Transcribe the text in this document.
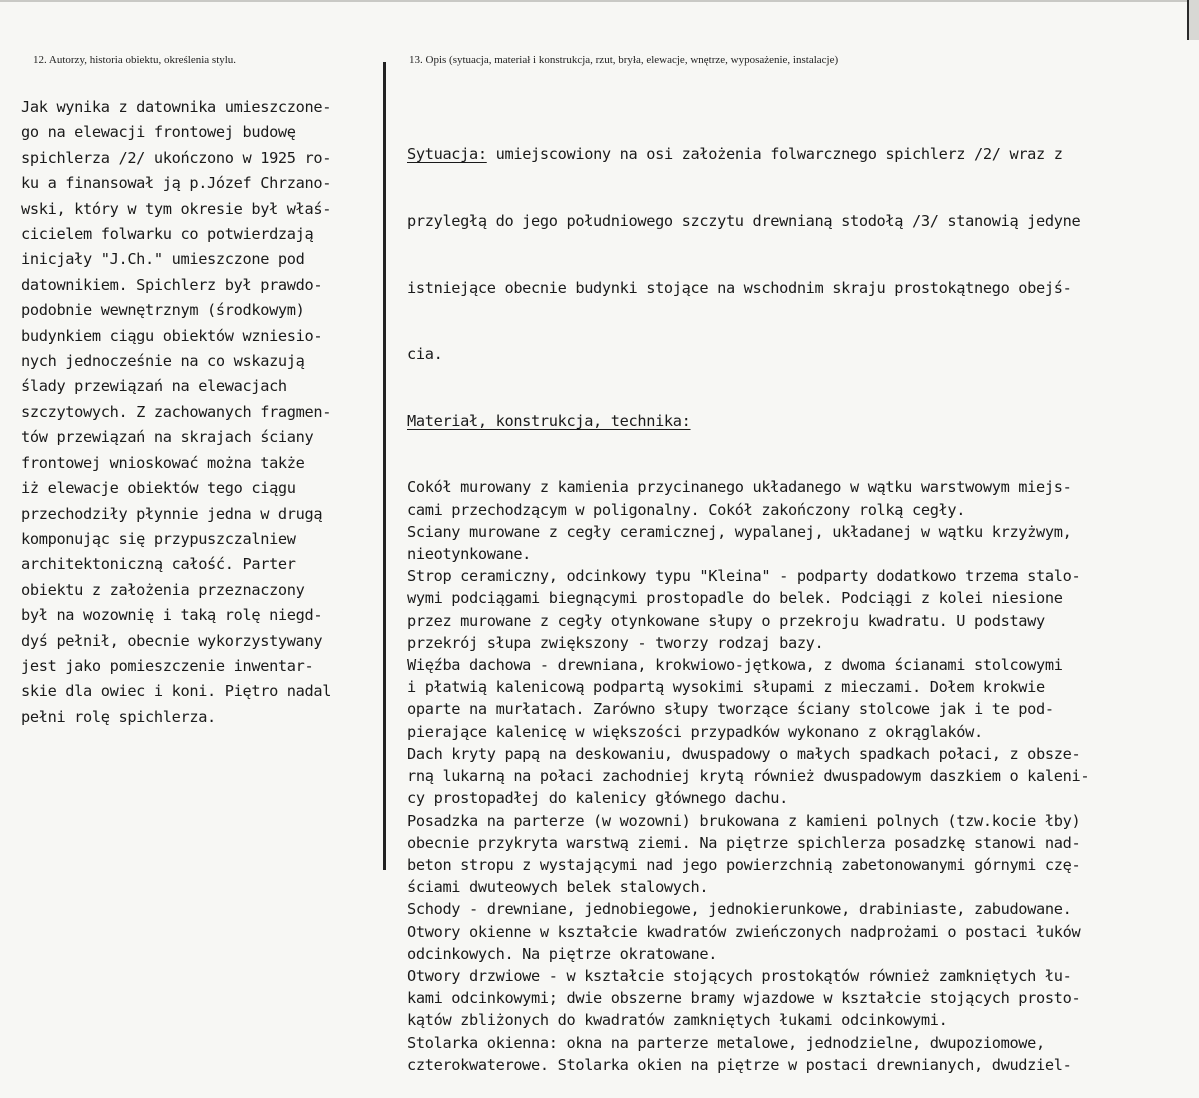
12. Autorzy, historia obiektu, określenia stylu.	13. Opis (sytuacja, materiał i konstrukcja, rzut, bryła, elewacje, wnętrze, wyposażenie, instalacje)
Jak wynika z datownika umieszczone-
go na elewacji frontowej budowę
spichlerza /2/ ukończono w 1925 ro-
ku a finansował ją p.Józef Chrzano-
wski, który w tym okresie był właś-
cicielem folwarku co potwierdzają
inicjały "J.Ch." umieszczone pod
datownikiem. Spichlerz był prawdo-
podobnie wewnętrznym (środkowym)
budynkiem ciągu obiektów wzniesio-
nych jednocześnie na co wskazują
ślady przewiązań na elewacjach
szczytowych. Z zachowanych fragmen-
tów przewiązań na skrajach ściany
frontowej wnioskować można także
iż elewacje obiektów tego ciągu
przechodziły płynnie jedna w drugą
komponując się przypuszczalniew
architektoniczną całość. Parter
obiektu z założenia przeznaczony
był na wozownię i taką rolę niegd-
dyś pełnił, obecnie wykorzystywany
jest jako pomieszczenie inwentar-
skie dla owiec i koni. Piętro nadal
pełni rolę spichlerza.

Sytuacja: umiejscowiony na osi założenia folwarcznego spichlerz /2/ wraz z

przyległą do jego południowego szczytu drewnianą stodołą /3/ stanowią jedyne

istniejące obecnie budynki stojące na wschodnim skraju prostokątnego obejś-

cia.

Materiał, konstrukcja, technika:

Cokół murowany z kamienia przycinanego układanego w wątku warstwowym miejs-
cami przechodzącym w poligonalny. Cokół zakończony rolką cegły.
Sciany murowane z cegły ceramicznej, wypalanej, układanej w wątku krzyżwym,
nieotynkowane.
Strop ceramiczny, odcinkowy typu "Kleina" - podparty dodatkowo trzema stalo-
wymi podciągami biegnącymi prostopadle do belek. Podciągi z kolei niesione
przez murowane z cegły otynkowane słupy o przekroju kwadratu. U podstawy
przekrój słupa zwiększony - tworzy rodzaj bazy.
Więźba dachowa - drewniana, krokwiowo-jętkowa, z dwoma ścianami stolcowymi
i płatwią kalenicową podpartą wysokimi słupami z mieczami. Dołem krokwie
oparte na murłatach. Zarówno słupy tworzące ściany stolcowe jak i te pod-
pierające kalenicę w większości przypadków wykonano z okrąglaków.
Dach kryty papą na deskowaniu, dwuspadowy o małych spadkach połaci, z obsze-
rną lukarną na połaci zachodniej krytą również dwuspadowym daszkiem o kaleni-
cy prostopadłej do kalenicy głównego dachu.
Posadzka na parterze (w wozowni) brukowana z kamieni polnych (tzw.kocie łby)
obecnie przykryta warstwą ziemi. Na piętrze spichlerza posadzkę stanowi nad-
beton stropu z wystającymi nad jego powierzchnią zabetonowanymi górnymi czę-
ściami dwuteowych belek stalowych.
Schody - drewniane, jednobiegowe, jednokierunkowe, drabiniaste, zabudowane.
Otwory okienne w kształcie kwadratów zwieńczonych nadprożami o postaci łuków
odcinkowych. Na piętrze okratowane.
Otwory drzwiowe - w kształcie stojących prostokątów również zamkniętych łu-
kami odcinkowymi; dwie obszerne bramy wjazdowe w kształcie stojących prosto-
kątów zbliżonych do kwadratów zamkniętych łukami odcinkowymi.
Stolarka okienna: okna na parterze metalowe, jednodzielne, dwupoziomowe,
czterokwaterowe. Stolarka okien na piętrze w postaci drewnianych, dwudziel-
